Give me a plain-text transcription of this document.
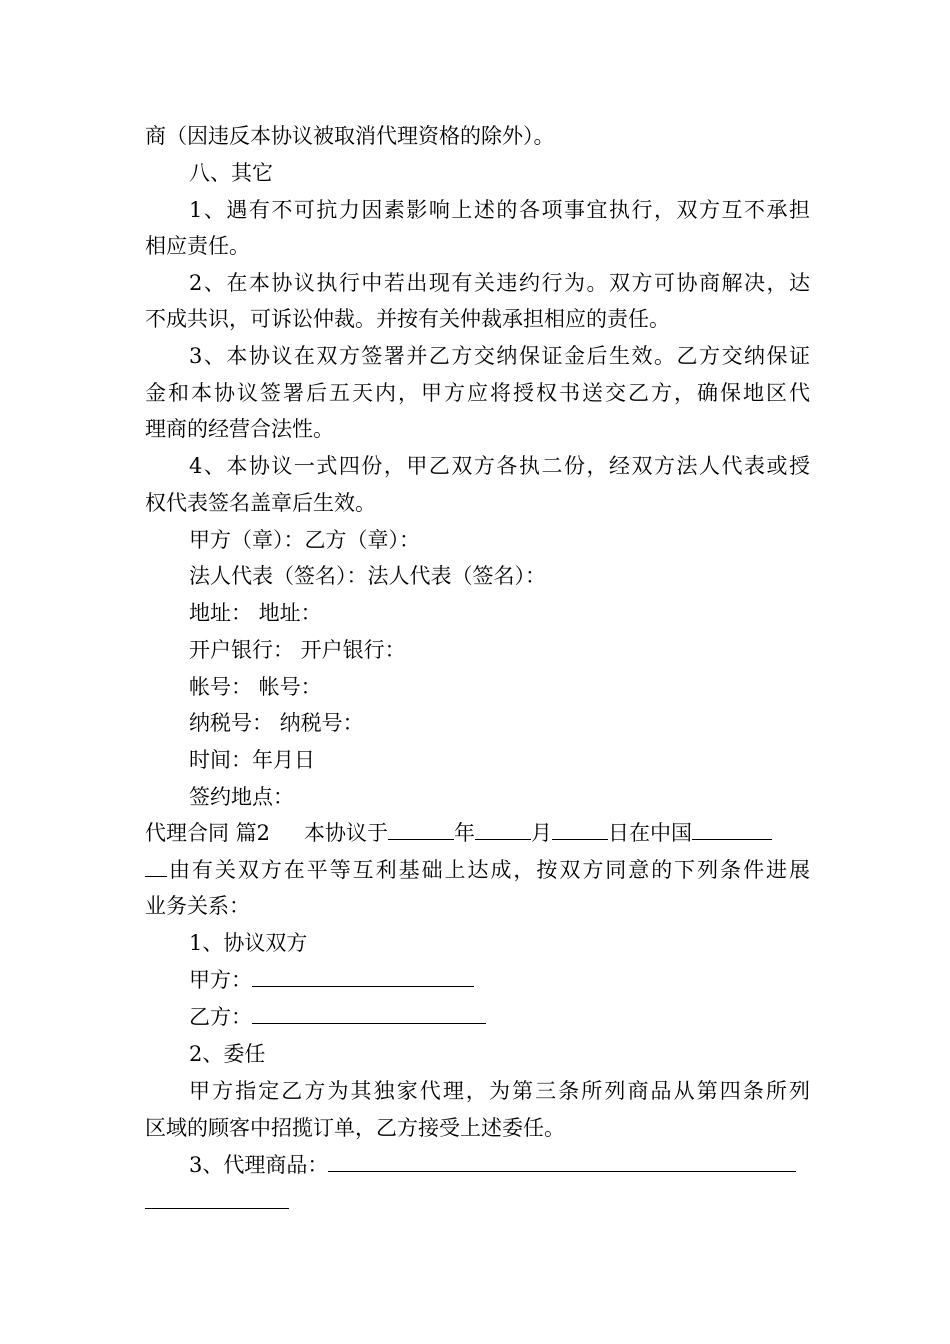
商（因违反本协议被取消代理资格的除外）。
八、其它
1、遇有不可抗力因素影响上述的各项事宜执行，双方互不承担
相应责任。
2、在本协议执行中若出现有关违约行为。双方可协商解决，达
不成共识，可诉讼仲裁。并按有关仲裁承担相应的责任。
3、本协议在双方签署并乙方交纳保证金后生效。乙方交纳保证
金和本协议签署后五天内，甲方应将授权书送交乙方，确保地区代
理商的经营合法性。
4、本协议一式四份，甲乙双方各执二份，经双方法人代表或授
权代表签名盖章后生效。
甲方（章）：乙方（章）：
法人代表（签名）：法人代表（签名）：
地址： 地址：
开户银行： 开户银行：
帐号： 帐号：
纳税号： 纳税号：
时间：年月日
签约地点：
代理合同 篇2 本协议于	年	月	日在中国
由有关双方在平等互利基础上达成，按双方同意的下列条件进展
业务关系：
1、协议双方
甲方：
乙方：
2、委任
甲方指定乙方为其独家代理，为第三条所列商品从第四条所列
区域的顾客中招揽订单，乙方接受上述委任。
3、代理商品：
